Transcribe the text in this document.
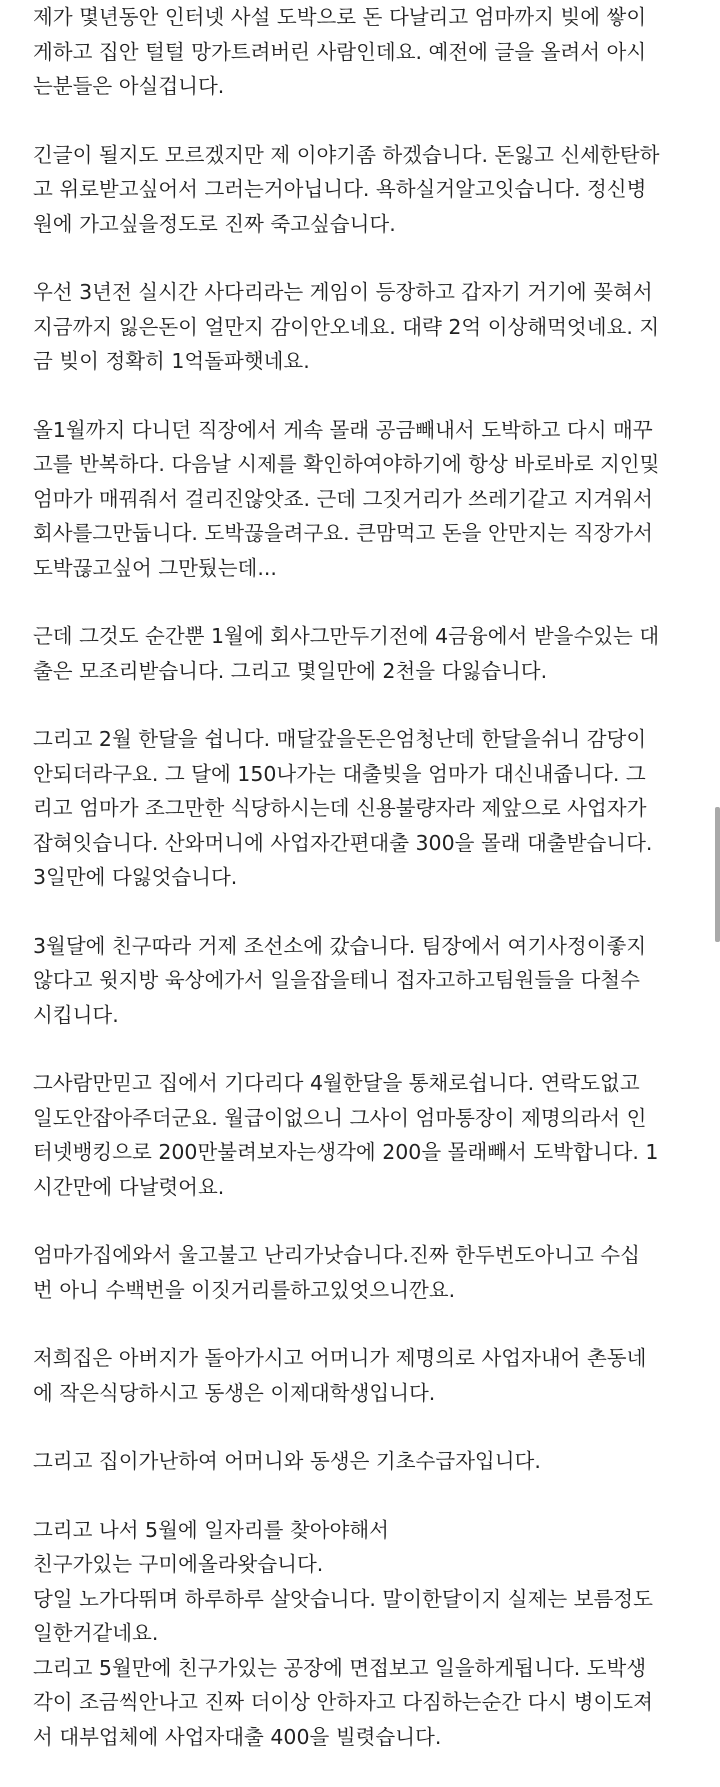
제가 몇년동안 인터넷 사설 도박으로 돈 다날리고 엄마까지 빚에 쌓이
게하고 집안 털털 망가트려버린 사람인데요. 예전에 글을 올려서 아시
는분들은 아실겁니다.
긴글이 될지도 모르겠지만 제 이야기좀 하겠습니다. 돈잃고 신세한탄하
고 위로받고싶어서 그러는거아닙니다. 욕하실거알고잇습니다. 정신병
원에 가고싶을정도로 진짜 죽고싶습니다.
우선 3년전 실시간 사다리라는 게임이 등장하고 갑자기 거기에 꽂혀서
지금까지 잃은돈이 얼만지 감이안오네요. 대략 2억 이상해먹엇네요. 지
금 빚이 정확히 1억돌파햇네요.
올1월까지 다니던 직장에서 게속 몰래 공금빼내서 도박하고 다시 매꾸
고를 반복하다. 다음날 시제를 확인하여야하기에 항상 바로바로 지인및
엄마가 매꿔줘서 걸리진않앗죠. 근데 그짓거리가 쓰레기같고 지겨워서
회사를그만둡니다. 도박끊을려구요. 큰맘먹고 돈을 안만지는 직장가서
도박끊고싶어 그만뒀는데...
근데 그것도 순간뿐 1월에 회사그만두기전에 4금융에서 받을수있는 대
출은 모조리받습니다. 그리고 몇일만에 2천을 다잃습니다.
그리고 2월 한달을 쉽니다. 매달갚을돈은엄청난데 한달을쉬니 감당이
안되더라구요. 그 달에 150나가는 대출빚을 엄마가 대신내줍니다. 그
리고 엄마가 조그만한 식당하시는데 신용불량자라 제앞으로 사업자가
잡혀잇습니다. 산와머니에 사업자간편대출 300을 몰래 대출받습니다.
3일만에 다잃엇습니다.
3월달에 친구따라 거제 조선소에 갔습니다. 팀장에서 여기사정이좋지
않다고 윗지방 육상에가서 일을잡을테니 접자고하고팀원들을 다철수
시킵니다.
그사람만믿고 집에서 기다리다 4월한달을 통채로쉽니다. 연락도없고
일도안잡아주더군요. 월급이없으니 그사이 엄마통장이 제명의라서 인
터넷뱅킹으로 200만불려보자는생각에 200을 몰래빼서 도박합니다. 1
시간만에 다날렷어요.
엄마가집에와서 울고불고 난리가낫습니다.진짜 한두번도아니고 수십
번 아니 수백번을 이짓거리를하고있엇으니깐요.
저희집은 아버지가 돌아가시고 어머니가 제명의로 사업자내어 촌동네
에 작은식당하시고 동생은 이제대학생입니다.
그리고 집이가난하여 어머니와 동생은 기초수급자입니다.
그리고 나서 5월에 일자리를 찾아야해서
친구가있는 구미에올라왓습니다.
당일 노가다뛰며 하루하루 살앗습니다. 말이한달이지 실제는 보름정도
일한거같네요.
그리고 5월만에 친구가있는 공장에 면접보고 일을하게됩니다. 도박생
각이 조금씩안나고 진짜 더이상 안하자고 다짐하는순간 다시 병이도져
서 대부업체에 사업자대출 400을 빌렷습니다.
